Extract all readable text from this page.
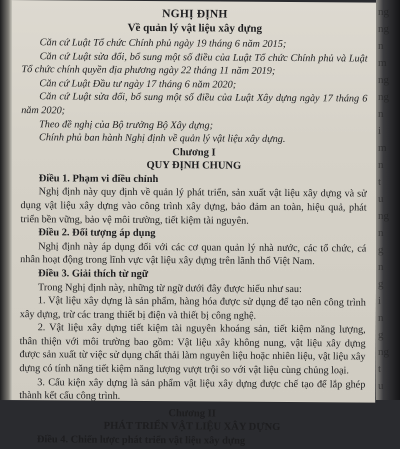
NGHỊ ĐỊNH
Về quản lý vật liệu xây dựng

Căn cứ Luật Tổ chức Chính phủ ngày 19 tháng 6 năm 2015;

Căn cứ Luật sửa đổi, bổ sung một số điều của Luật Tổ chức Chính phủ và Luật Tổ chức chính quyền địa phương ngày 22 tháng 11 năm 2019;

Căn cứ Luật Đầu tư ngày 17 tháng 6 năm 2020;

Căn cứ Luật sửa đổi, bổ sung một số điều của Luật Xây dựng ngày 17 tháng 6 năm 2020;

Theo đề nghị của Bộ trưởng Bộ Xây dựng;

Chính phủ ban hành Nghị định về quản lý vật liệu xây dựng.

Chương I
QUY ĐỊNH CHUNG

Điều 1. Phạm vi điều chỉnh

Nghị định này quy định về quản lý phát triển, sản xuất vật liệu xây dựng và sử dụng vật liệu xây dựng vào công trình xây dựng, bảo đảm an toàn, hiệu quả, phát triển bền vững, bảo vệ môi trường, tiết kiệm tài nguyên.

Điều 2. Đối tượng áp dụng

Nghị định này áp dụng đối với các cơ quan quản lý nhà nước, các tổ chức, cá nhân hoạt động trong lĩnh vực vật liệu xây dựng trên lãnh thổ Việt Nam.

Điều 3. Giải thích từ ngữ

Trong Nghị định này, những từ ngữ dưới đây được hiểu như sau:

1. Vật liệu xây dựng là sản phẩm, hàng hóa được sử dụng để tạo nên công trình xây dựng, trừ các trang thiết bị điện và thiết bị công nghệ.

2. Vật liệu xây dựng tiết kiệm tài nguyên khoáng sản, tiết kiệm năng lượng, thân thiện với môi trường bao gồm: Vật liệu xây không nung, vật liệu xây dựng được sản xuất từ việc sử dụng chất thải làm nguyên liệu hoặc nhiên liệu, vật liệu xây dựng có tính năng tiết kiệm năng lượng vượt trội so với vật liệu cùng chủng loại.

3. Cấu kiện xây dựng là sản phẩm vật liệu xây dựng được chế tạo để lắp ghép thành kết cấu công trình.

Chương II
PHÁT TRIỂN VẬT LIỆU XÂY DỰNG

Điều 4. Chiến lược phát triển vật liệu xây dựng

ng
ng
n
m
ng
ng
n
i
m
n
t
u
ng
n
g
n
g
i
n
g
ng
t
u
